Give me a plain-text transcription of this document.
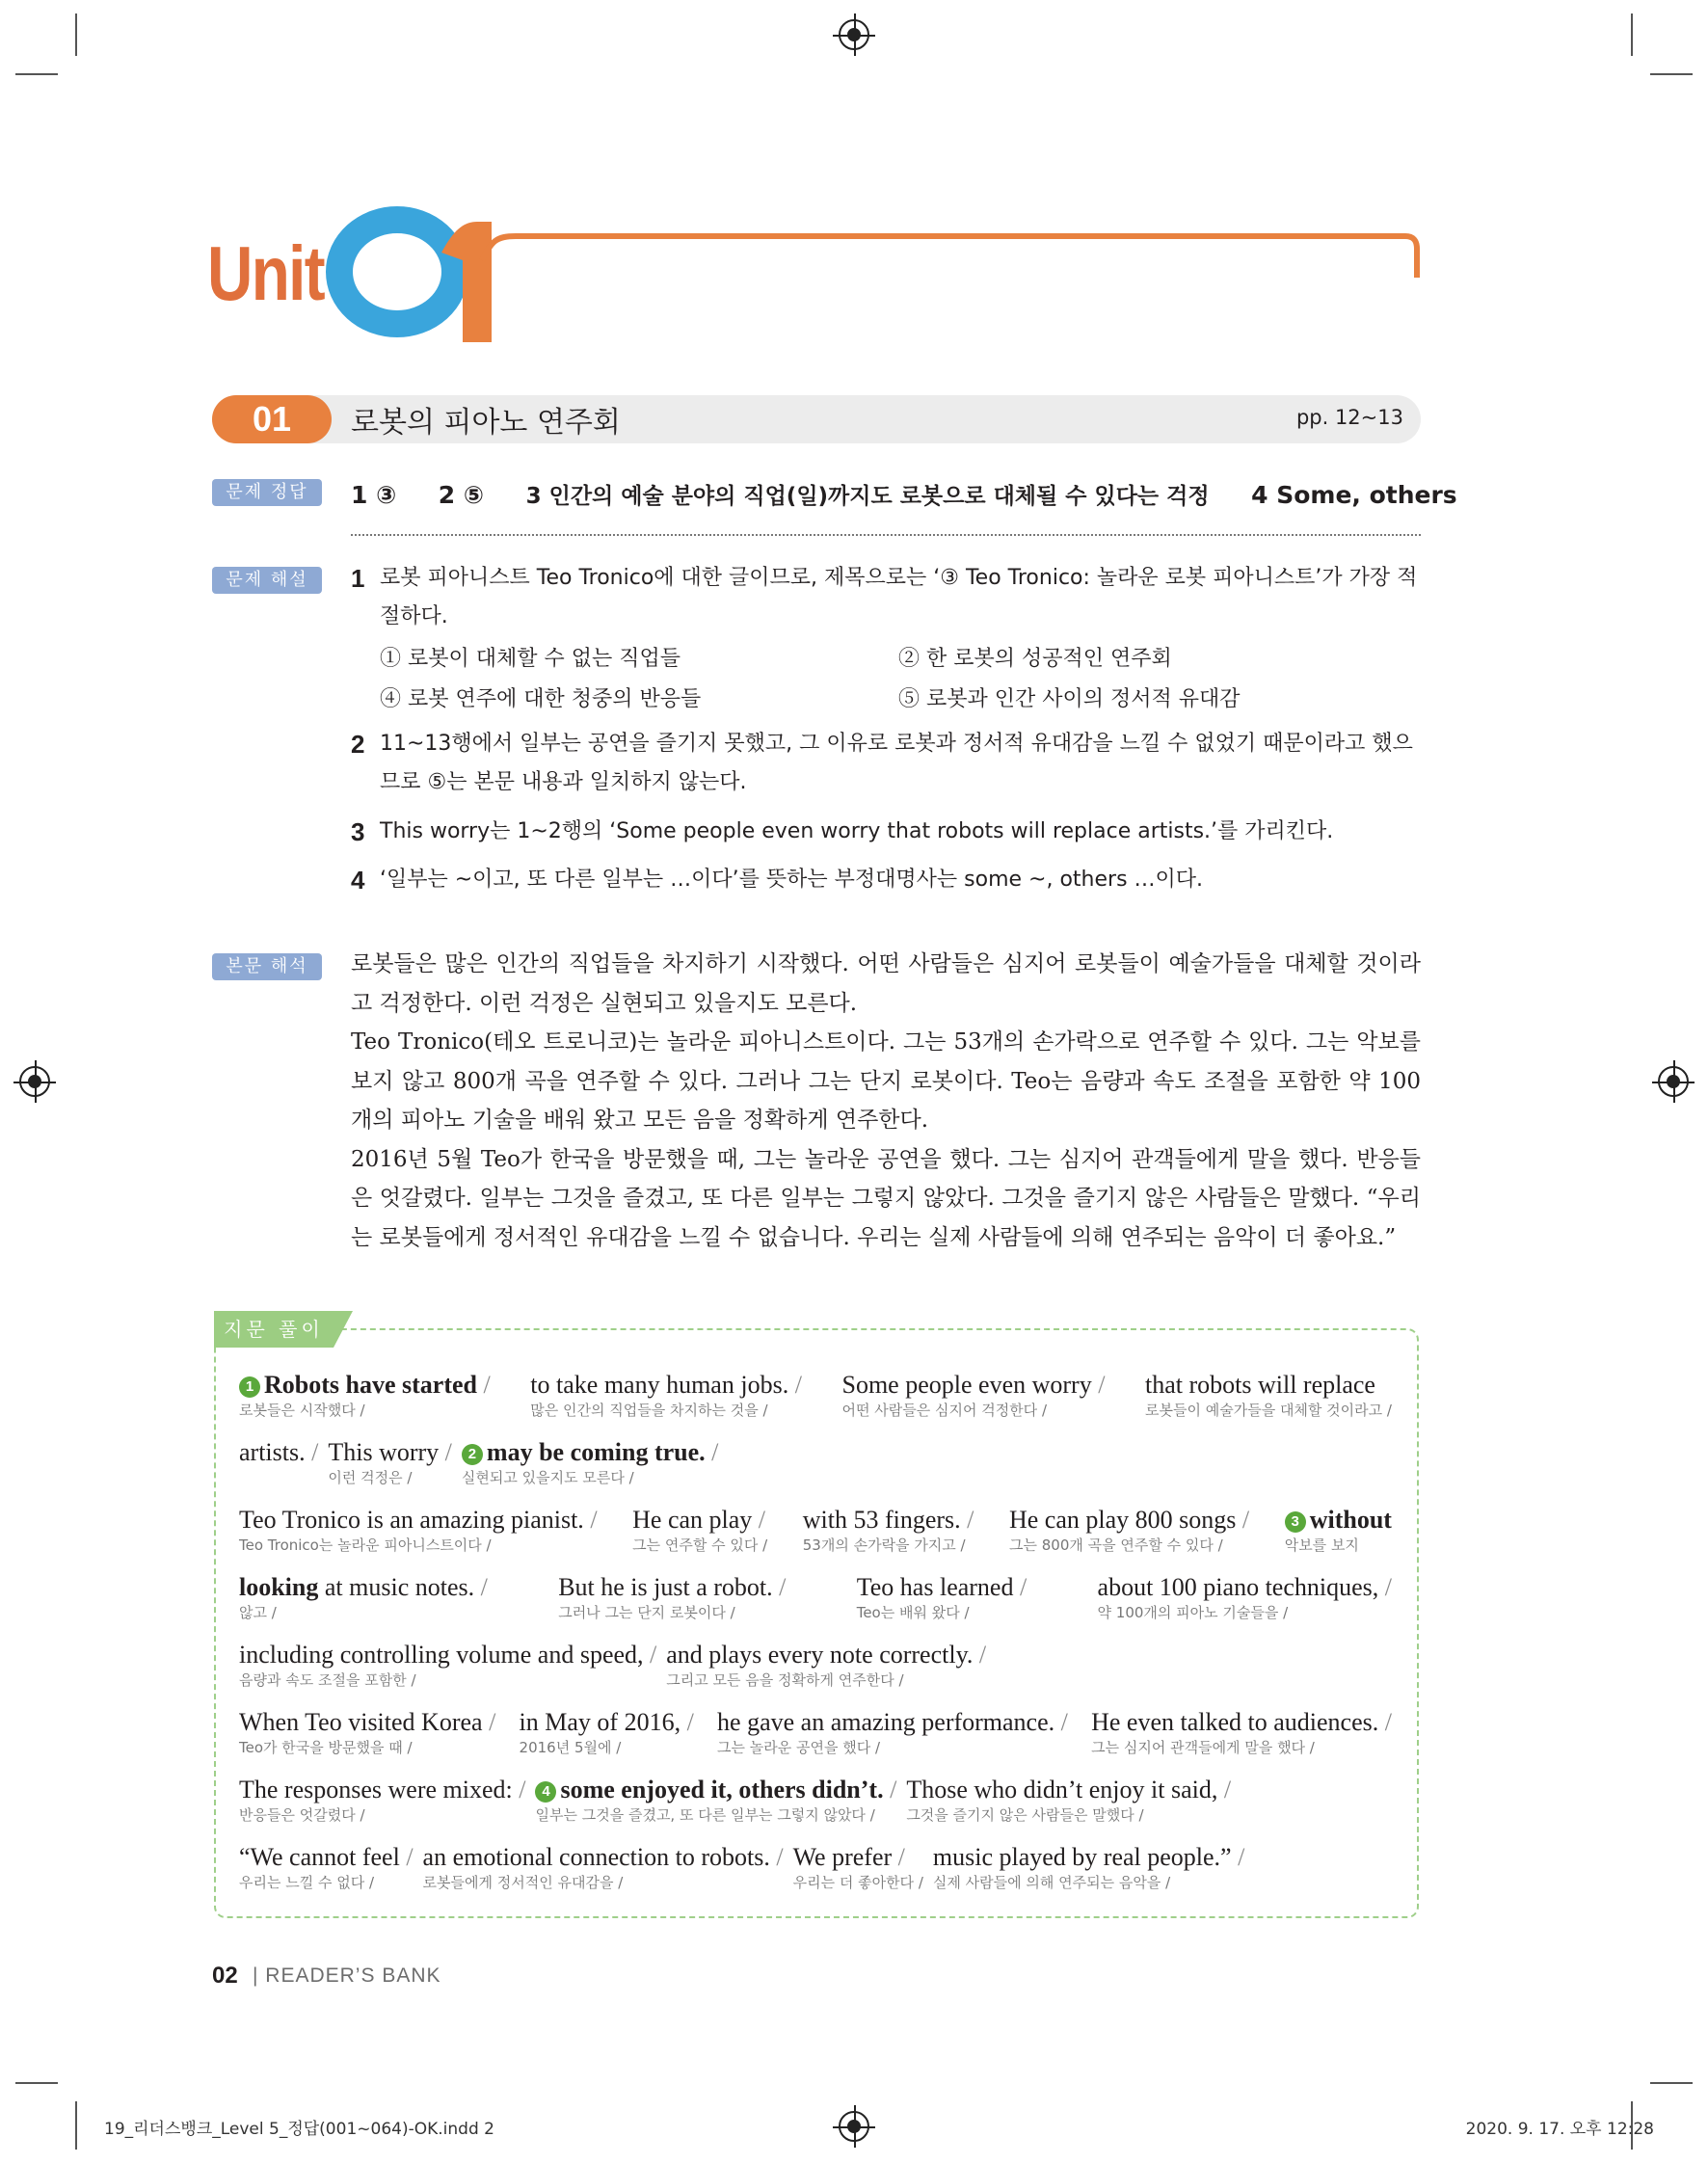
Unit
01	로봇의 피아노 연주회	pp. 12~13
문제 정답	1 ③ 2 ⑤ 3 인간의 예술 분야의 직업(일)까지도 로봇으로 대체될 수 있다는 걱정 4 Some, others
문제 해설	1 로봇 피아니스트 Teo Tronico에 대한 글이므로, 제목으로는 ‘③ Teo Tronico: 놀라운 로봇 피아니스트’가 가장 적절하다.
① 로봇이 대체할 수 없는 직업들	② 한 로봇의 성공적인 연주회
④ 로봇 연주에 대한 청중의 반응들	⑤ 로봇과 인간 사이의 정서적 유대감
2 11~13행에서 일부는 공연을 즐기지 못했고, 그 이유로 로봇과 정서적 유대감을 느낄 수 없었기 때문이라고 했으므로 ⑤는 본문 내용과 일치하지 않는다.
3 This worry는 1~2행의 ‘Some people even worry that robots will replace artists.’를 가리킨다.
4 ‘일부는 ~이고, 또 다른 일부는 …이다’를 뜻하는 부정대명사는 some ~, others …이다.
본문 해석	로봇들은 많은 인간의 직업들을 차지하기 시작했다. 어떤 사람들은 심지어 로봇들이 예술가들을 대체할 것이라고 걱정한다. 이런 걱정은 실현되고 있을지도 모른다.

Teo Tronico(테오 트로니코)는 놀라운 피아니스트이다. 그는 53개의 손가락으로 연주할 수 있다. 그는 악보를 보지 않고 800개 곡을 연주할 수 있다. 그러나 그는 단지 로봇이다. Teo는 음량과 속도 조절을 포함한 약 100개의 피아노 기술을 배워 왔고 모든 음을 정확하게 연주한다.

2016년 5월 Teo가 한국을 방문했을 때, 그는 놀라운 공연을 했다. 그는 심지어 관객들에게 말을 했다. 반응들은 엇갈렸다. 일부는 그것을 즐겼고, 또 다른 일부는 그렇지 않았다. 그것을 즐기지 않은 사람들은 말했다. “우리는 로봇들에게 정서적인 유대감을 느낄 수 없습니다. 우리는 실제 사람들에 의해 연주되는 음악이 더 좋아요.”

지문 풀이
1 Robots have started /
로봇들은 시작했다 /
to take many human jobs. /
많은 인간의 직업들을 차지하는 것을 /
Some people even worry /
어떤 사람들은 심지어 걱정한다 /
that robots will replace
로봇들이 예술가들을 대체할 것이라고 /
artists. / This worry /
이런 걱정은 /
2 may be coming true. /
실현되고 있을지도 모른다 /
Teo Tronico is an amazing pianist. /
Teo Tronico는 놀라운 피아니스트이다 /
He can play /
그는 연주할 수 있다 /
with 53 fingers. /
53개의 손가락을 가지고 /
He can play 800 songs /
그는 800개 곡을 연주할 수 있다 /
3 without
악보를 보지
looking at music notes. /
않고 /
But he is just a robot. /
그러나 그는 단지 로봇이다 /
Teo has learned /
Teo는 배워 왔다 /
about 100 piano techniques, /
약 100개의 피아노 기술들을 /
including controlling volume and speed, /
음량과 속도 조절을 포함한 /
and plays every note correctly. /
그리고 모든 음을 정확하게 연주한다 /
When Teo visited Korea /
Teo가 한국을 방문했을 때 /
in May of 2016, /
2016년 5월에 /
he gave an amazing performance. /
그는 놀라운 공연을 했다 /
He even talked to audiences. /
그는 심지어 관객들에게 말을 했다 /
The responses were mixed: /
반응들은 엇갈렸다 /
4 some enjoyed it, others didn’t. /
일부는 그것을 즐겼고, 또 다른 일부는 그렇지 않았다 /
Those who didn’t enjoy it said, /
그것을 즐기지 않은 사람들은 말했다 /
“We cannot feel /
우리는 느낄 수 없다 /
an emotional connection to robots. /
로봇들에게 정서적인 유대감을 /
We prefer /
우리는 더 좋아한다 /
music played by real people.” /
실제 사람들에 의해 연주되는 음악을 /
02 | READER’S BANK
19_리더스뱅크_Level 5_정답(001~064)-OK.indd 2	2020. 9. 17. 오후 12:28
